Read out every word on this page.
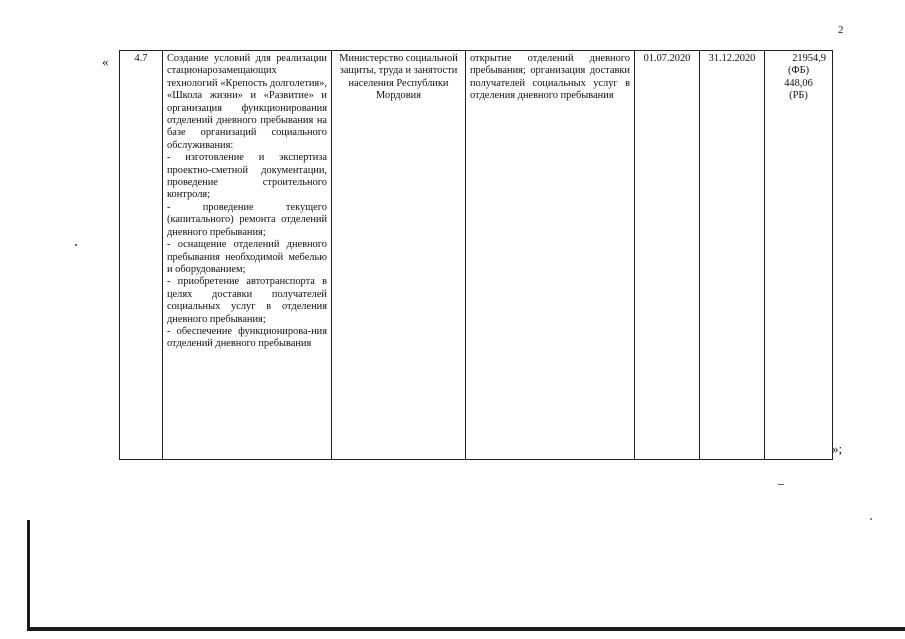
2
«	4.7	Создание условий для реализации стационарозамещающих технологий «Крепость долголетия», «Школа жизни» и «Развитие» и организация функционирования отделений дневного пребывания на базе организаций социального обслуживания:
- изготовление и экспертиза проектно-сметной документации, проведение строительного контроля;
- проведение текущего (капитального) ремонта отделений дневного пребывания;
- оснащение отделений дневного пребывания необходимой мебелью и оборудованием;
- приобретение автотранспорта в целях доставки получателей социальных услуг в отделения дневного пребывания;
- обеспечение функционирова-ния отделений дневного пребывания
	Министерство социальной защиты, труда и занятости населения Республики Мордовия	открытие отделений дневного пребывания; организация доставки получателей социальных услуг в отделения дневного пребывания	01.07.2020	31.12.2020	21954,9
(ФБ)
448,06
(РБ)
»;
